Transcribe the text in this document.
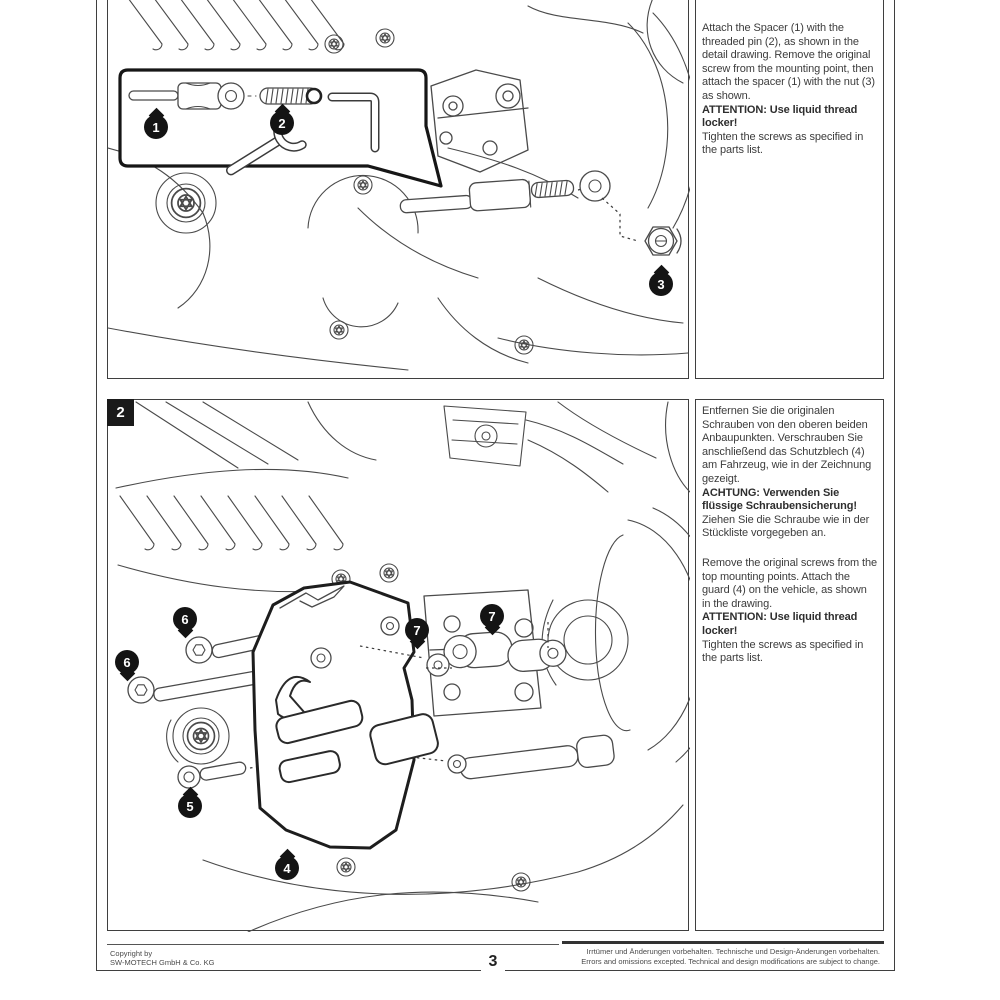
Attach the Spacer (1) with the threaded pin (2), as shown in the detail drawing. Remove the original screw from the mounting point, then attach the spacer (1) with the nut (3) as shown.

ATTENTION: Use liquid thread locker!

Tighten the screws as specified in the parts list.

2	Entfernen Sie die originalen Schrauben von den oberen beiden Anbaupunkten. Verschrauben Sie anschließend das Schutzblech (4) am Fahrzeug, wie in der Zeichnung gezeigt.

ACHTUNG: Verwenden Sie flüssige Schraubensicherung!

Ziehen Sie die Schraube wie in der Stückliste vorgegeben an.

Remove the original screws from the top mounting points. Attach the guard (4) on the vehicle, as shown in the drawing.

ATTENTION: Use liquid thread locker!

Tighten the screws as specified in the parts list.

1	2
3
4
5
6
6
7
7
Copyright by
SW-MOTECH GmbH & Co. KG
Irrtümer und Änderungen vorbehalten. Technische und Design-Änderungen vorbehalten.
Errors and omissions excepted. Technical and design modifications are subject to change.
3
